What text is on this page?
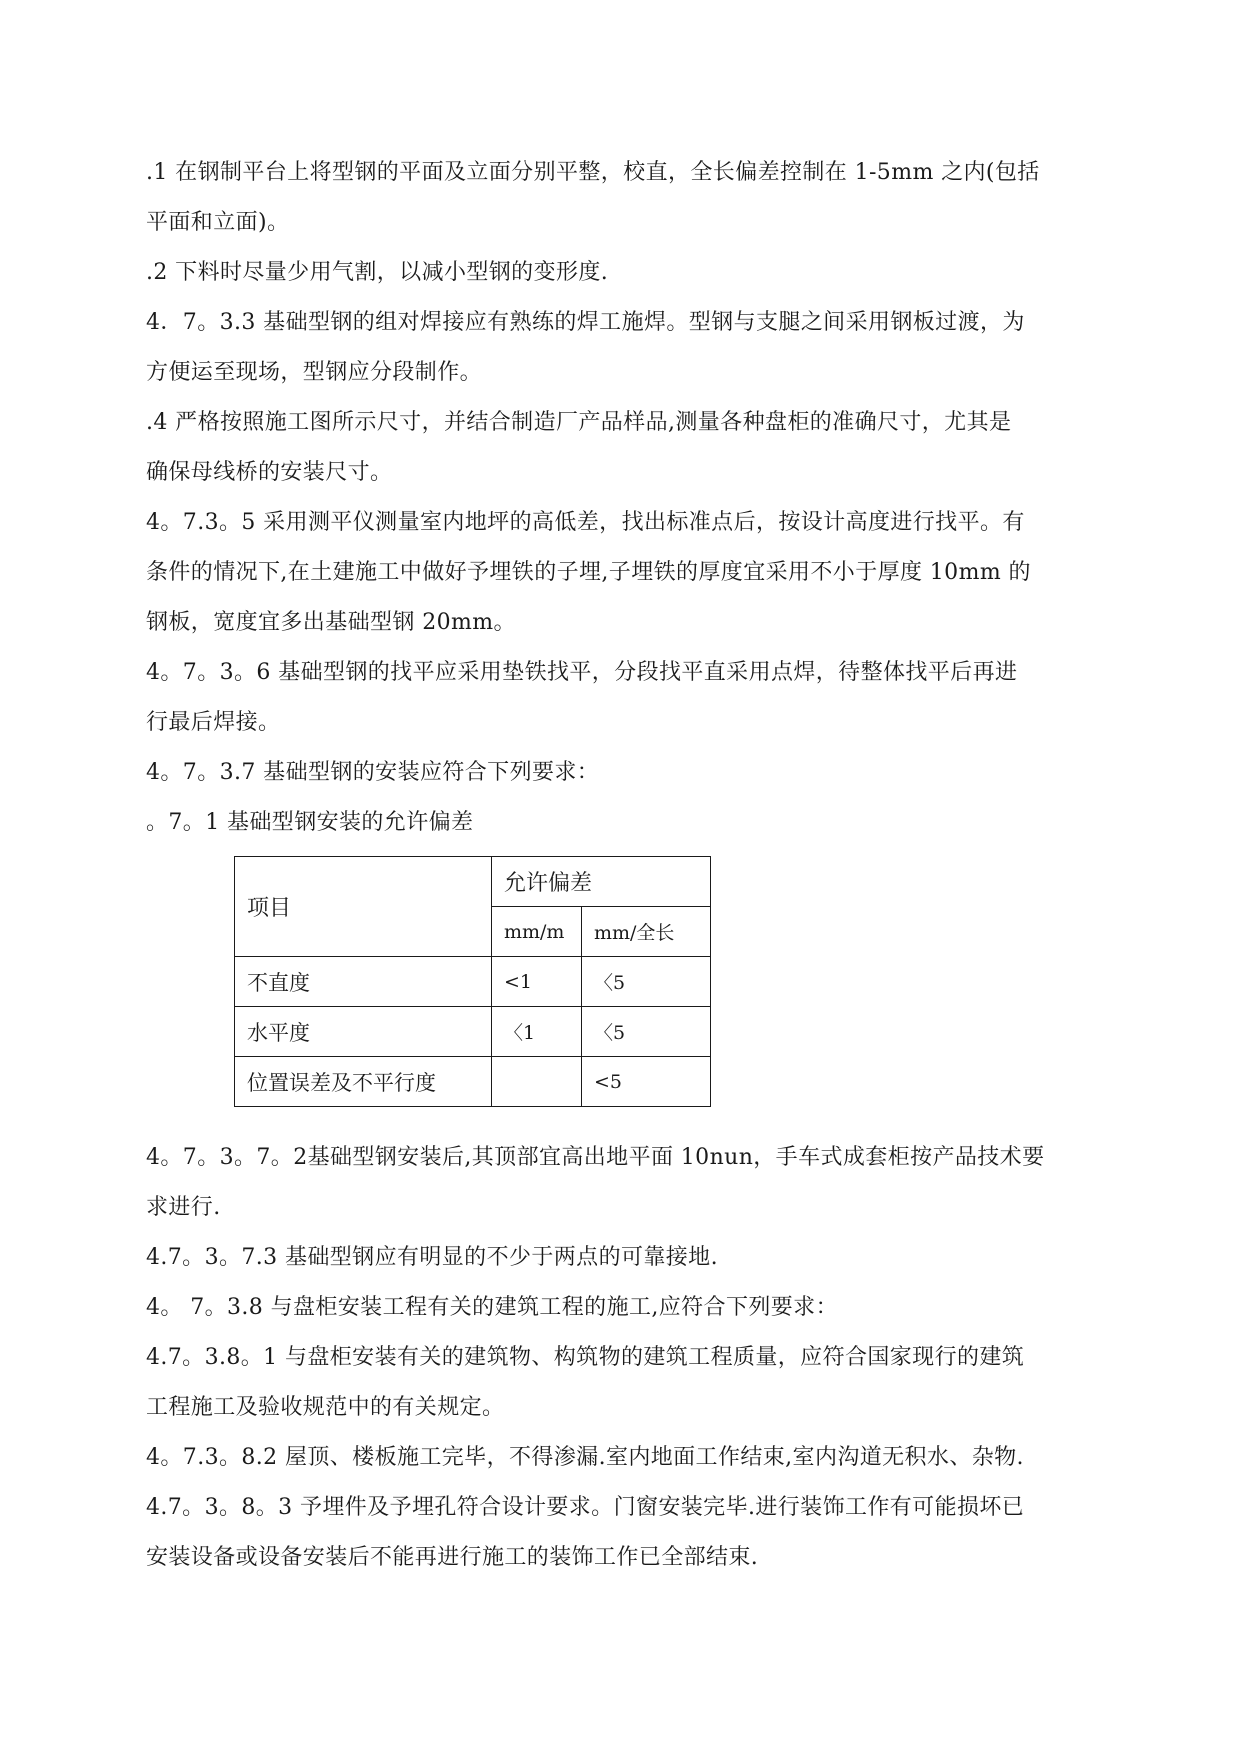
.1 在钢制平台上将型钢的平面及立面分别平整，校直，全长偏差控制在 1-5mm 之内(包括
平面和立面)。
.2 下料时尽量少用气割，以减小型钢的变形度.
4．7。3.3 基础型钢的组对焊接应有熟练的焊工施焊。型钢与支腿之间采用钢板过渡，为
方便运至现场，型钢应分段制作。
.4 严格按照施工图所示尺寸，并结合制造厂产品样品,测量各种盘柜的准确尺寸，尤其是
确保母线桥的安装尺寸。
4。7.3。5 采用测平仪测量室内地坪的高低差，找出标准点后，按设计高度进行找平。有
条件的情况下,在土建施工中做好予埋铁的子埋,子埋铁的厚度宜采用不小于厚度 10mm 的
钢板，宽度宜多出基础型钢 20mm。
4。7。3。6 基础型钢的找平应采用垫铁找平，分段找平直采用点焊，待整体找平后再进
行最后焊接。
4。7。3.7 基础型钢的安装应符合下列要求：
。7。1 基础型钢安装的允许偏差
项目	允许偏差	
	mm/m	mm/全长
不直度	<1	〈5
水平度	〈1	〈5
位置误差及不平行度		<5
4。7。3。7。2基础型钢安装后,其顶部宜高出地平面 10nun，手车式成套柜按产品技术要
求进行.
4.7。3。7.3 基础型钢应有明显的不少于两点的可靠接地.
4。 7。3.8 与盘柜安装工程有关的建筑工程的施工,应符合下列要求：
4.7。3.8。1 与盘柜安装有关的建筑物、构筑物的建筑工程质量，应符合国家现行的建筑
工程施工及验收规范中的有关规定。
4。7.3。8.2 屋顶、楼板施工完毕，不得渗漏.室内地面工作结束,室内沟道无积水、杂物.
4.7。3。8。3 予埋件及予埋孔符合设计要求。门窗安装完毕.进行装饰工作有可能损坏已
安装设备或设备安装后不能再进行施工的装饰工作已全部结束.
